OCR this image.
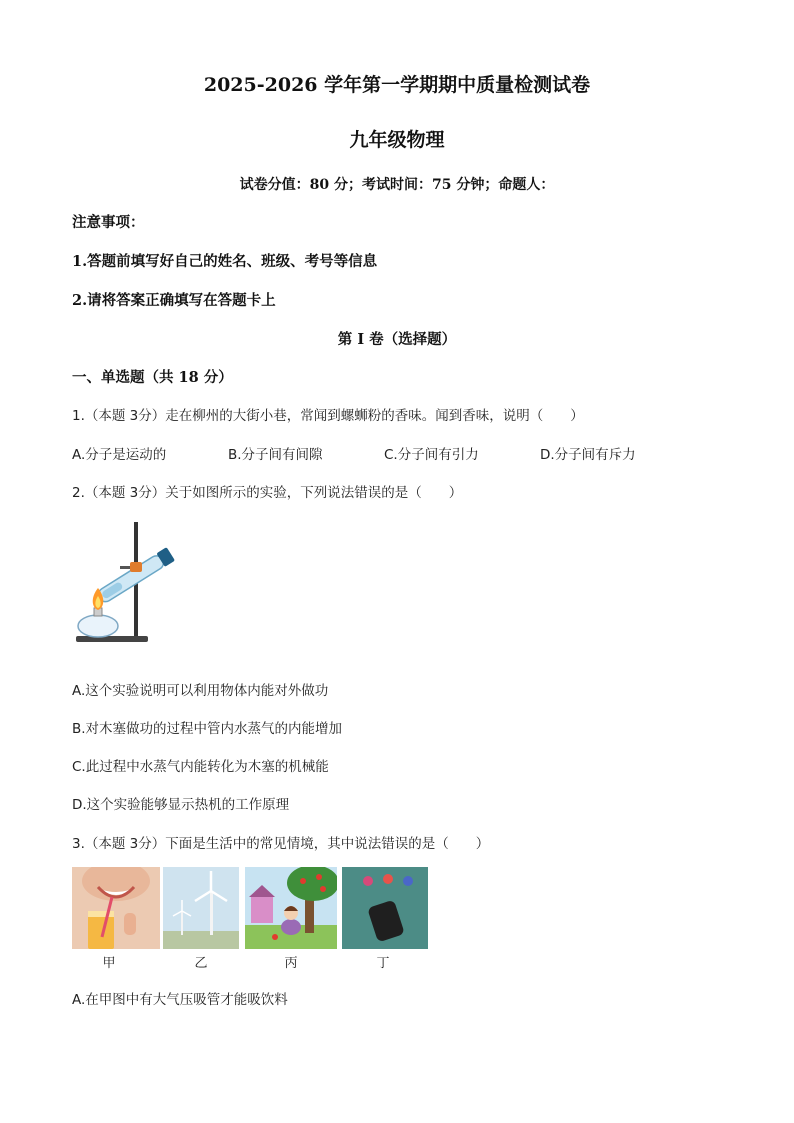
2025-2026 学年第一学期期中质量检测试卷
九年级物理
试卷分值：80 分；考试时间：75 分钟；命题人：
注意事项：
1.答题前填写好自己的姓名、班级、考号等信息
2.请将答案正确填写在答题卡上
第 I 卷（选择题）
一、单选题（共 18 分）
1.（本题 3分）走在柳州的大街小巷，常闻到螺蛳粉的香味。闻到香味，说明（　　）
A.分子是运动的	B.分子间有间隙	C.分子间有引力	D.分子间有斥力
2.（本题 3分）关于如图所示的实验，下列说法错误的是（　　）
A.这个实验说明可以利用物体内能对外做功
B.对木塞做功的过程中管内水蒸气的内能增加
C.此过程中水蒸气内能转化为木塞的机械能
D.这个实验能够显示热机的工作原理
3.（本题 3分）下面是生活中的常见情境，其中说法错误的是（　　）
甲	乙	丙	丁
A.在甲图中有大气压吸管才能吸饮料
